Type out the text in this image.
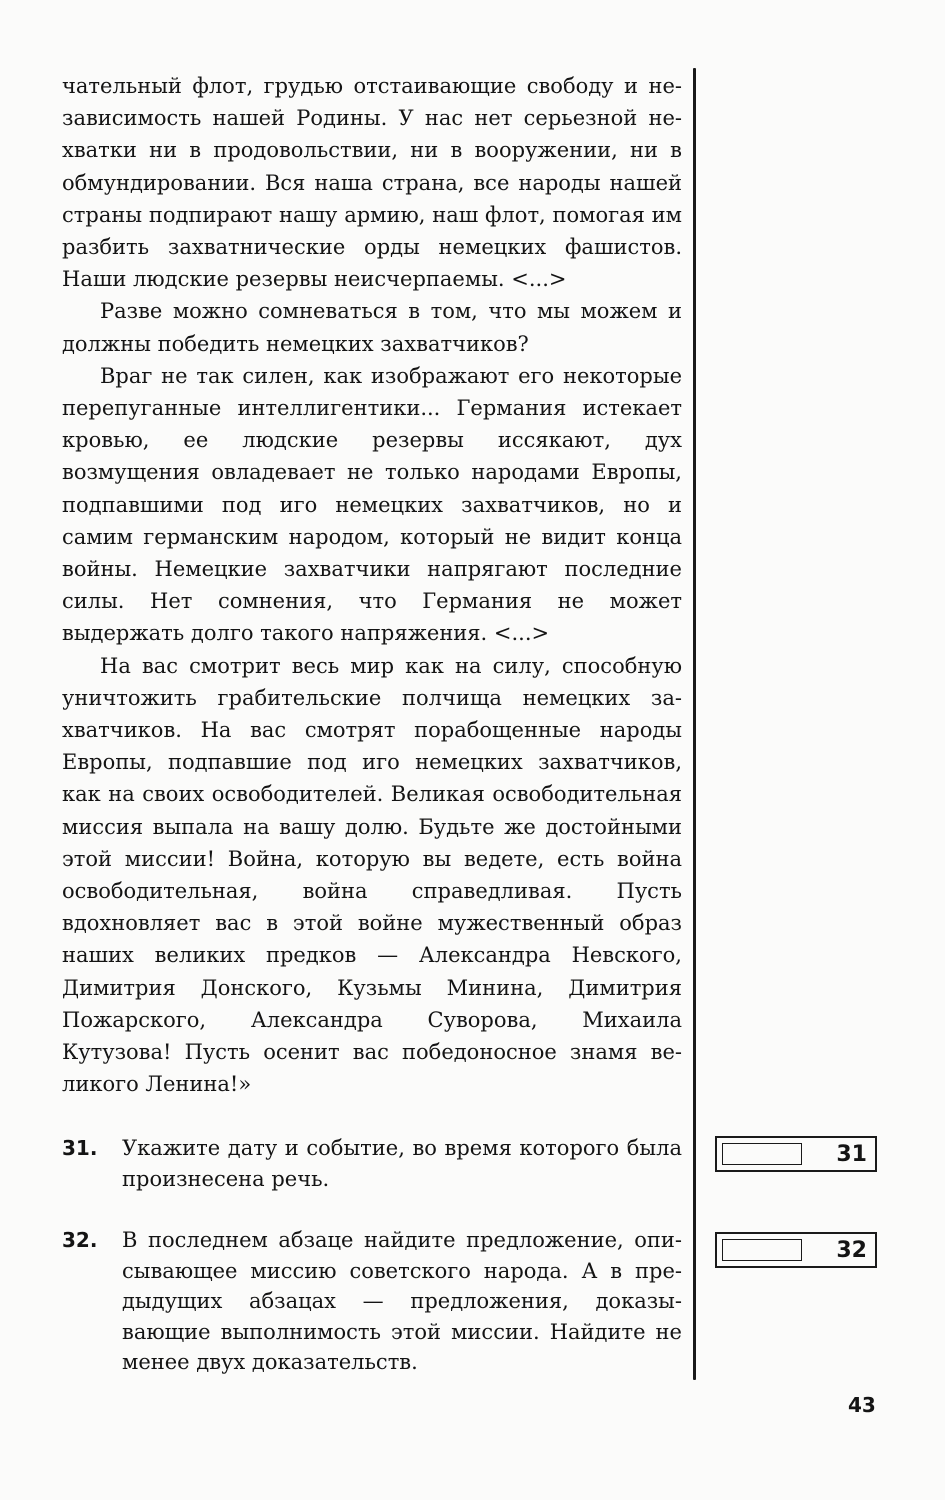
чательный флот, грудью отстаивающие свободу и независимость нашей Родины. У нас нет серьезной нехватки ни в продовольствии, ни в вооружении, ни в обмундировании. Вся наша страна, все народы нашей страны подпирают нашу армию, наш флот, помогая им разбить захватнические орды немецких фашистов. Наши людские резервы неисчерпаемы. <...>

Разве можно сомневаться в том, что мы можем и должны победить немецких захватчиков?

Враг не так силен, как изображают его некоторые перепуганные интеллигентики... Германия истекает кровью, ее людские резервы иссякают, дух возмущения овладевает не только народами Европы, подпавшими под иго немецких захватчиков, но и самим германским народом, который не видит конца войны. Немецкие захватчики напрягают последние силы. Нет сомнения, что Германия не может выдержать долго такого напряжения. <...>

На вас смотрит весь мир как на силу, способную уничтожить грабительские полчища немецких захватчиков. На вас смотрят порабощенные народы Европы, подпавшие под иго немецких захватчиков, как на своих освободителей. Великая освободительная миссия выпала на вашу долю. Будьте же достойными этой миссии! Война, которую вы ведете, есть война освободительная, война справедливая. Пусть вдохновляет вас в этой войне мужественный образ наших великих предков — Александра Невского, Димитрия Донского, Кузьмы Минина, Димитрия Пожарского, Александра Суворова, Михаила Кутузова! Пусть осенит вас победоносное знамя великого Ленина!»

31. Укажите дату и событие, во время которого была произнесена речь.
31
32. В последнем абзаце найдите предложение, описывающее миссию советского народа. А в предыдущих абзацах — предложения, доказывающие выполнимость этой миссии. Найдите не менее двух доказательств.
32
43
